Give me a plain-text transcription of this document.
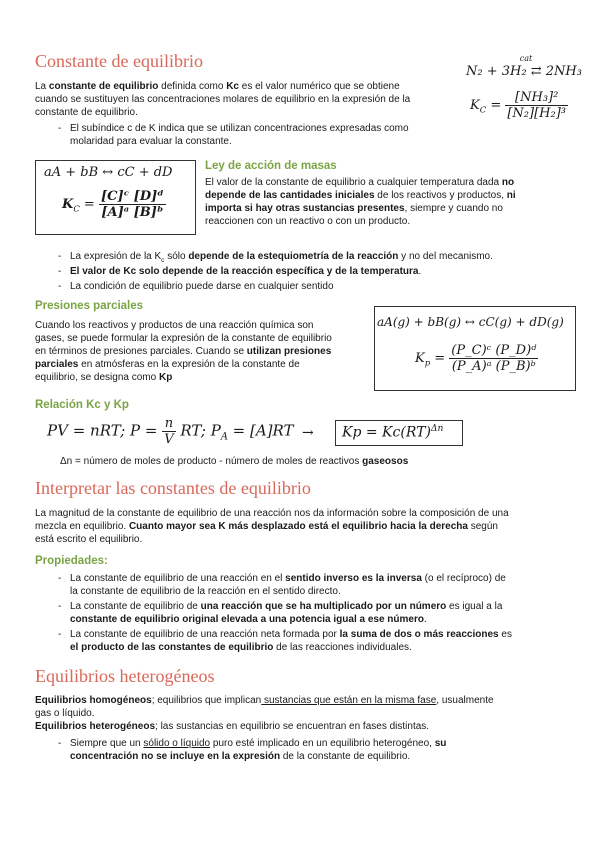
Constante de equilibrio

La constante de equilibrio definida como Kc es el valor numérico que se obtiene

cuando se sustituyen las concentraciones molares de equilibrio en la expresión de la

constante de equilibrio.

- El subíndice c de K indica que se utilizan concentraciones expresadas como

molaridad para evaluar la constante.

cat
N₂ + 3H₂ ⇄ 2NH₃
$K_C = \frac{\text{[NH₃]²}}{\text{[N₂][H₂]³}}$
aA + bB ↔ cC + dD
$K_C = \frac{\text{[C]ᶜ [D]ᵈ}}{\text{[A]ᵃ [B]ᵇ}}$
Ley de acción de masas

El valor de la constante de equilibrio a cualquier temperatura dada no

depende de las cantidades iniciales de los reactivos y productos, ni

importa si hay otras sustancias presentes, siempre y cuando no

reaccionen con un reactivo o con un producto.

- La expresión de la $K_c$ sólo depende de la estequiometría de la reacción y no del mecanismo.

- El valor de Kc solo depende de la reacción específica y de la temperatura.

- La condición de equilibrio puede darse en cualquier sentido

Presiones parciales

Cuando los reactivos y productos de una reacción química son

gases, se puede formular la expresión de la constante de equilibrio

en términos de presiones parciales. Cuando se utilizan presiones

parciales en atmósferas en la expresión de la constante de

equilibrio, se designa como Kp

aA(g) + bB(g) ↔ cC(g) + dD(g)
$K_p = \frac{\text{(P\_C)ᶜ (P\_D)ᵈ}}{\text{(P\_A)ᵃ (P\_B)ᵇ}}$
Relación Kc y Kp
PV = nRT; $P = \frac{n}{V}$ RT; $P_A = [A]RT \to Kp = Kc(RT)^{\Delta n}$
Δn = número de moles de producto - número de moles de reactivos gaseosos
Interpretar las constantes de equilibrio

La magnitud de la constante de equilibrio de una reacción nos da información sobre la composición de una

mezcla en equilibrio. Cuanto mayor sea K más desplazado está el equilibrio hacia la derecha según

está escrito el equilibrio.

Propiedades:
- La constante de equilibrio de una reacción en el sentido inverso es la inversa (o el recíproco) de

la constante de equilibrio de la reacción en el sentido directo.

- La constante de equilibrio de una reacción que se ha multiplicado por un número es igual a la

constante de equilibrio original elevada a una potencia igual a ese número.

- La constante de equilibrio de una reacción neta formada por la suma de dos o más reacciones es

el producto de las constantes de equilibrio de las reacciones individuales.

Equilibrios heterogéneos

Equilibrios homogéneos; equilibrios que implican sustancias que están en la misma fase, usualmente

gas o líquido.

Equilibrios heterogéneos; las sustancias en equilibrio se encuentran en fases distintas.

- Siempre que un sólido o líquido puro esté implicado en un equilibrio heterogéneo, su

concentración no se incluye en la expresión de la constante de equilibrio.
